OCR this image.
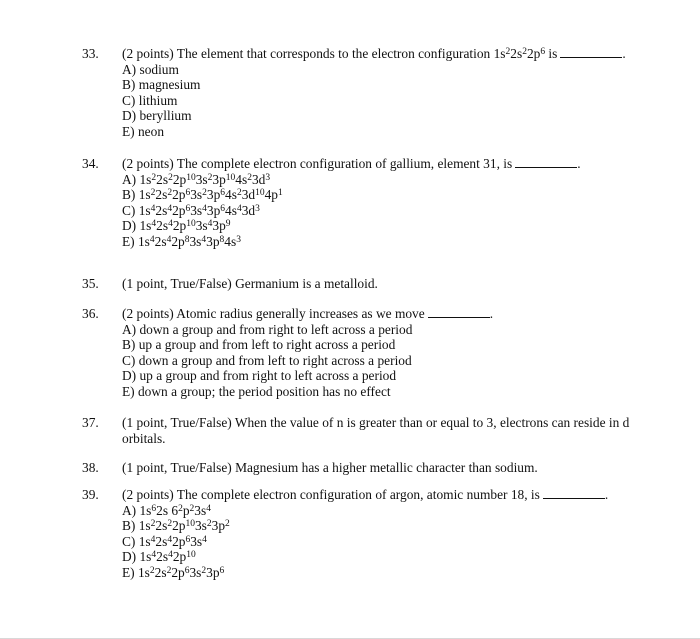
33. (2 points) The element that corresponds to the electron configuration $1s^22s^22p^6$ is	.
A) sodium
B) magnesium
C) lithium
D) beryllium
E) neon
34. (2 points) The complete electron configuration of gallium, element 31, is	.
A) $1s^22s^22p^{10}3s^23p^{10}4s^23d^3$
B) $1s^22s^22p^63s^23p^64s^23d^{10}4p^1$
C) $1s^42s^42p^63s^43p^64s^43d^3$
D) $1s^42s^42p^{10}3s^43p^9$
E) $1s^42s^42p^83s^43p^84s^3$
35. (1 point, True/False) Germanium is a metalloid.
36. (2 points) Atomic radius generally increases as we move	.
A) down a group and from right to left across a period
B) up a group and from left to right across a period
C) down a group and from left to right across a period
D) up a group and from right to left across a period
E) down a group; the period position has no effect
37. (1 point, True/False) When the value of n is greater than or equal to 3, electrons can reside in d orbitals.
38. (1 point, True/False) Magnesium has a higher metallic character than sodium.
39. (2 points) The complete electron configuration of argon, atomic number 18, is	.
A) $1s^62s$ $6^2p^23s^4$
B) $1s^22s^22p^{10}3s^23p^2$
C) $1s^42s^42p^63s^4$
D) $1s^42s^42p^{10}$
E) $1s^22s^22p^63s^23p^6$
